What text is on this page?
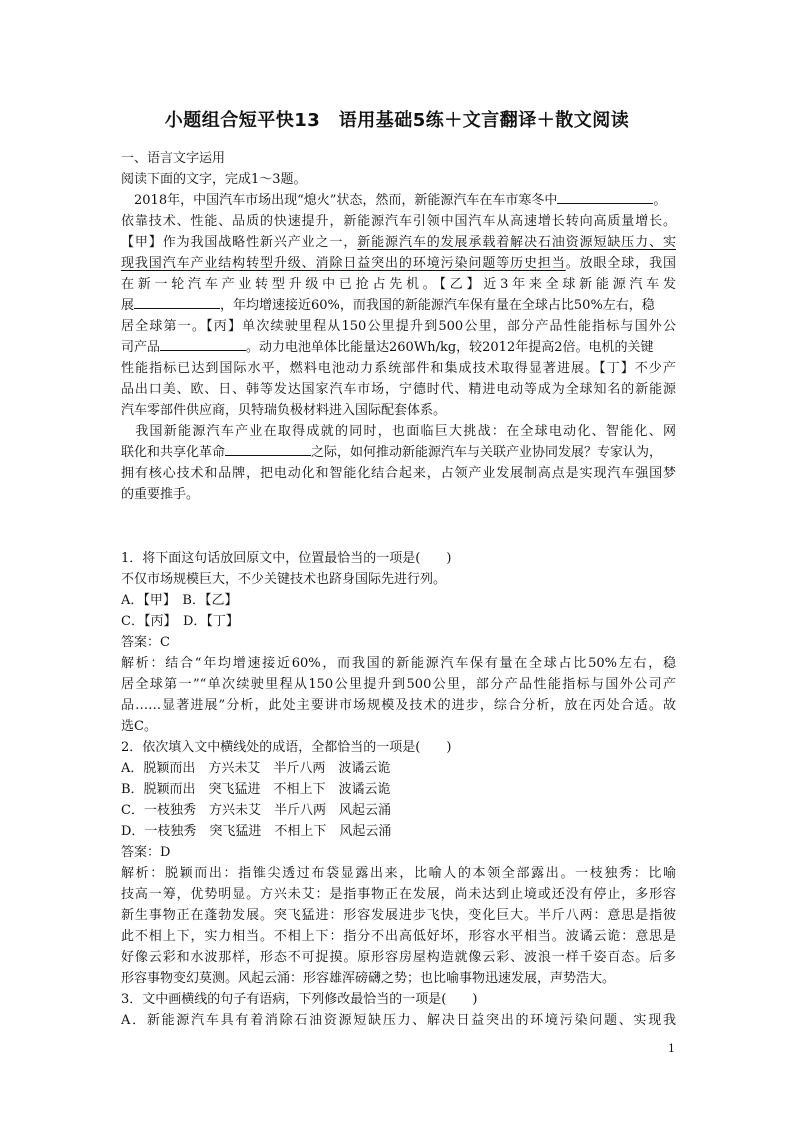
小题组合短平快13　语用基础5练＋文言翻译＋散文阅读
一、语言文字运用
阅读下面的文字，完成1～3题。
　2018年，中国汽车市场出现“熄火”状态，然而，新能源汽车在车市寒冬中	。
依靠技术、性能、品质的快速提升，新能源汽车引领中国汽车从高速增长转向高质量增长。
【甲】作为我国战略性新兴产业之一，新能源汽车的发展承载着解决石油资源短缺压力、实
现我国汽车产业结构转型升级、消除日益突出的环境污染问题等历史担当。放眼全球，我国
在新一轮汽车产业转型升级中已抢占先机。【乙】近3年来全球新能源汽车发
展	，年均增速接近60%，而我国的新能源汽车保有量在全球占比50%左右，稳
居全球第一。【丙】单次续驶里程从150公里提升到500公里，部分产品性能指标与国外公
司产品	。动力电池单体比能量达260Wh/kg，较2012年提高2倍。电机的关键
性能指标已达到国际水平，燃料电池动力系统部件和集成技术取得显著进展。【丁】不少产
品出口美、欧、日、韩等发达国家汽车市场，宁德时代、精进电动等成为全球知名的新能源
汽车零部件供应商，贝特瑞负极材料进入国际配套体系。
　我国新能源汽车产业在取得成就的同时，也面临巨大挑战：在全球电动化、智能化、网
联化和共享化革命	之际，如何推动新能源汽车与关联产业协同发展？专家认为，
拥有核心技术和品牌，把电动化和智能化结合起来，占领产业发展制高点是实现汽车强国梦
的重要推手。
1．将下面这句话放回原文中，位置最恰当的一项是(　　)
不仅市场规模巨大，不少关键技术也跻身国际先进行列。
A．【甲】　B．【乙】
C．【丙】　D．【丁】
答案：C
解析：结合“年均增速接近60%，而我国的新能源汽车保有量在全球占比50%左右，稳
居全球第一”“单次续驶里程从150公里提升到500公里，部分产品性能指标与国外公司产
品……显著进展”分析，此处主要讲市场规模及技术的进步，综合分析，放在丙处合适。故
选C。
2．依次填入文中横线处的成语，全都恰当的一项是(　　)
A．脱颖而出　方兴未艾　半斤八两　波谲云诡
B．脱颖而出　突飞猛进　不相上下　波谲云诡
C．一枝独秀　方兴未艾　半斤八两　风起云涌
D．一枝独秀　突飞猛进　不相上下　风起云涌
答案：D
解析：脱颖而出：指锥尖透过布袋显露出来，比喻人的本领全部露出。一枝独秀：比喻
技高一筹，优势明显。方兴未艾：是指事物正在发展，尚未达到止境或还没有停止，多形容
新生事物正在蓬勃发展。突飞猛进：形容发展进步飞快，变化巨大。半斤八两：意思是指彼
此不相上下，实力相当。不相上下：指分不出高低好坏，形容水平相当。波谲云诡：意思是
好像云彩和水波那样，形态不可捉摸。原形容房屋构造就像云彩、波浪一样千姿百态。后多
形容事物变幻莫测。风起云涌：形容雄浑磅礴之势；也比喻事物迅速发展，声势浩大。
3．文中画横线的句子有语病，下列修改最恰当的一项是(　　)
A．新能源汽车具有着消除石油资源短缺压力、解决日益突出的环境污染问题、实现我
1
